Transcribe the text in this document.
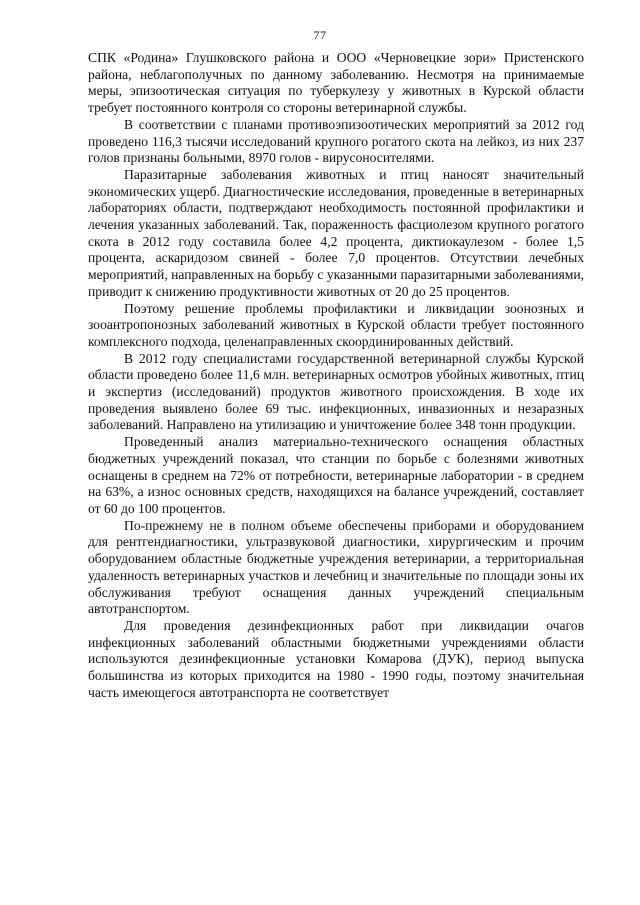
77

СПК «Родина» Глушковского района и ООО «Черновецкие зори» Пристенского района, неблагополучных по данному заболеванию. Несмотря на принимаемые меры, эпизоотическая ситуация по туберкулезу у животных в Курской области требует постоянного контроля со стороны ветеринарной службы.

В соответствии с планами противоэпизоотических мероприятий за 2012 год проведено 116,3 тысячи исследований крупного рогатого скота на лейкоз, из них 237 голов признаны больными, 8970 голов - вирусоносителями.

Паразитарные заболевания животных и птиц наносят значительный экономических ущерб. Диагностические исследования, проведенные в ветеринарных лабораториях области, подтверждают необходимость постоянной профилактики и лечения указанных заболеваний. Так, пораженность фасциолезом крупного рогатого скота в 2012 году составила более 4,2 процента, диктиокаулезом - более 1,5 процента, аскаридозом свиней - более 7,0 процентов. Отсутствии лечебных мероприятий, направленных на борьбу с указанными паразитарными заболеваниями, приводит к снижению продуктивности животных от 20 до 25 процентов.

Поэтому решение проблемы профилактики и ликвидации зоонозных и зооантропонозных заболеваний животных в Курской области требует постоянного комплексного подхода, целенаправленных скоординированных действий.

В 2012 году специалистами государственной ветеринарной службы Курской области проведено более 11,6 млн. ветеринарных осмотров убойных животных, птиц и экспертиз (исследований) продуктов животного происхождения. В ходе их проведения выявлено более 69 тыс. инфекционных, инвазионных и незаразных заболеваний. Направлено на утилизацию и уничтожение более 348 тонн продукции.

Проведенный анализ материально-технического оснащения областных бюджетных учреждений показал, что станции по борьбе с болезнями животных оснащены в среднем на 72% от потребности, ветеринарные лаборатории - в среднем на 63%, а износ основных средств, находящихся на балансе учреждений, составляет от 60 до 100 процентов.

По-прежнему не в полном объеме обеспечены приборами и оборудованием для рентгендиагностики, ультразвуковой диагностики, хирургическим и прочим оборудованием областные бюджетные учреждения ветеринарии, а территориальная удаленность ветеринарных участков и лечебниц и значительные по площади зоны их обслуживания требуют оснащения данных учреждений специальным автотранспортом.

Для проведения дезинфекционных работ при ликвидации очагов инфекционных заболеваний областными бюджетными учреждениями области используются дезинфекционные установки Комарова (ДУК), период выпуска большинства из которых приходится на 1980 - 1990 годы, поэтому значительная часть имеющегося автотранспорта не соответствует
